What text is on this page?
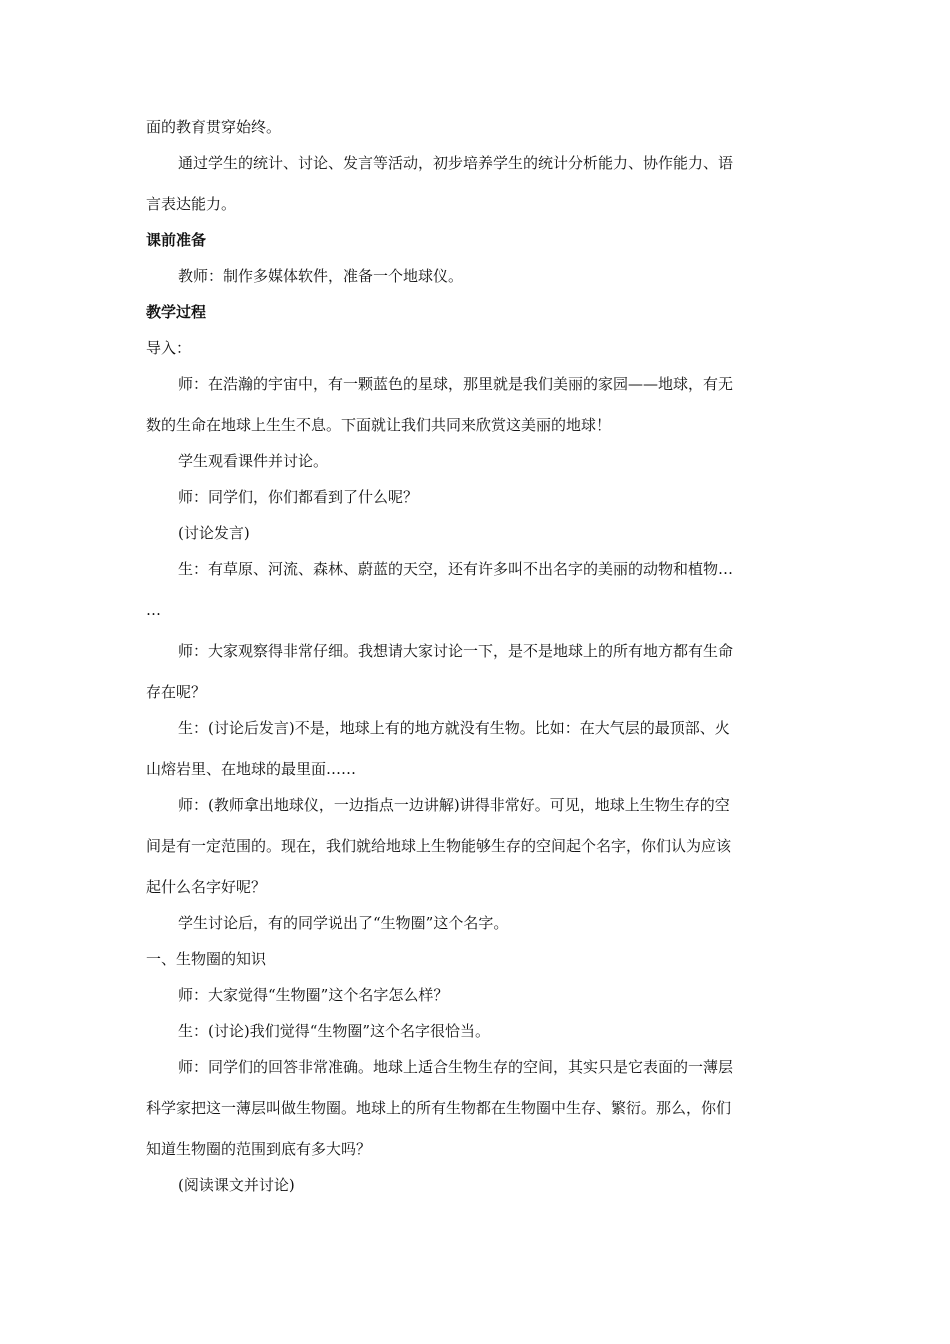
面的教育贯穿始终。

通过学生的统计、讨论、发言等活动，初步培养学生的统计分析能力、协作能力、语

言表达能力。

课前准备

教师：制作多媒体软件，准备一个地球仪。

教学过程

导入：

师：在浩瀚的宇宙中，有一颗蓝色的星球，那里就是我们美丽的家园——地球，有无

数的生命在地球上生生不息。下面就让我们共同来欣赏这美丽的地球！

学生观看课件并讨论。

师：同学们，你们都看到了什么呢？

(讨论发言)

生：有草原、河流、森林、蔚蓝的天空，还有许多叫不出名字的美丽的动物和植物…

…

师：大家观察得非常仔细。我想请大家讨论一下，是不是地球上的所有地方都有生命

存在呢？

生：(讨论后发言)不是，地球上有的地方就没有生物。比如：在大气层的最顶部、火

山熔岩里、在地球的最里面……

师：(教师拿出地球仪，一边指点一边讲解)讲得非常好。可见，地球上生物生存的空

间是有一定范围的。现在，我们就给地球上生物能够生存的空间起个名字，你们认为应该

起什么名字好呢？

学生讨论后，有的同学说出了“生物圈”这个名字。

一、生物圈的知识

师：大家觉得“生物圈”这个名字怎么样？

生：(讨论)我们觉得“生物圈”这个名字很恰当。

师：同学们的回答非常准确。地球上适合生物生存的空间，其实只是它表面的一薄层

科学家把这一薄层叫做生物圈。地球上的所有生物都在生物圈中生存、繁衍。那么，你们

知道生物圈的范围到底有多大吗？

(阅读课文并讨论)
